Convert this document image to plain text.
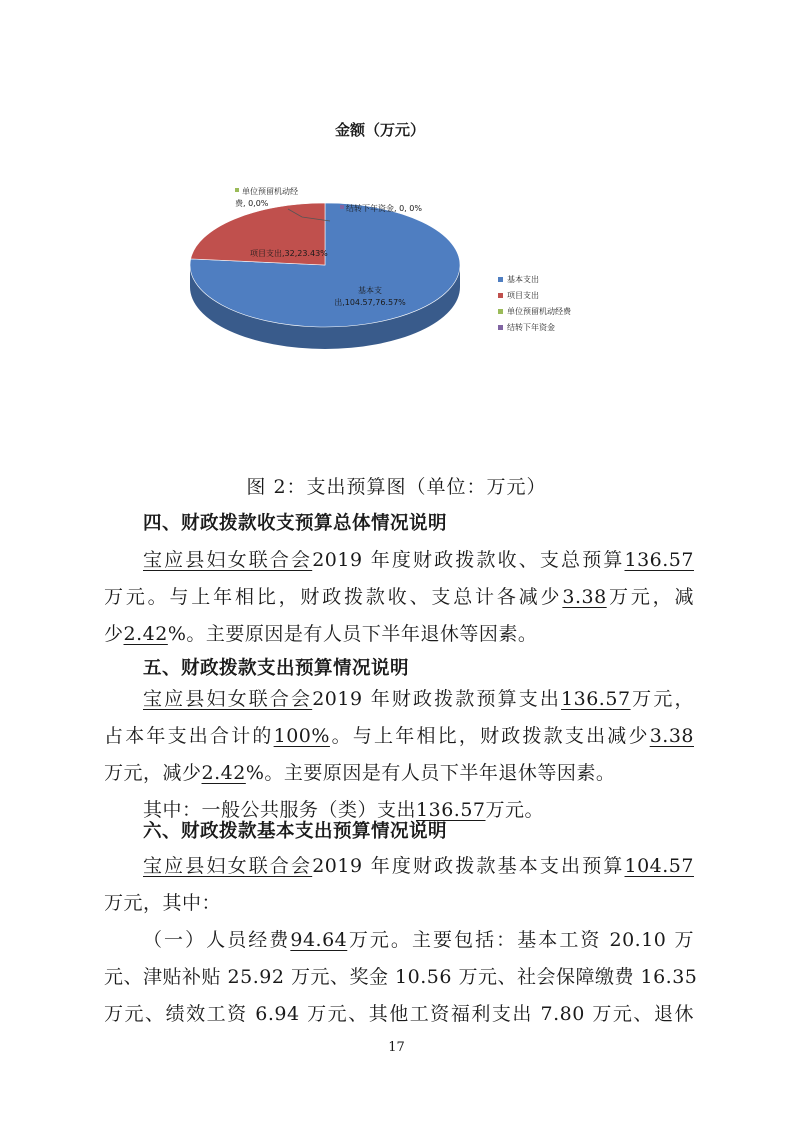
金额（万元）
基本支
出,104.57,76.57%
项目支出,32,23.43%
单位预留机动经
费, 0,0%
结转下年资金, 0, 0%
基本支出
项目支出
单位预留机动经费
结转下年资金
图 2：支出预算图（单位：万元）
四、财政拨款收支预算总体情况说明
宝应县妇女联合会2019 年度财政拨款收、支总预算136.57
万元。与上年相比，财政拨款收、支总计各减少3.38万元，减
少2.42%。主要原因是有人员下半年退休等因素。
五、财政拨款支出预算情况说明
宝应县妇女联合会2019 年财政拨款预算支出136.57万元，
占本年支出合计的100%。与上年相比，财政拨款支出减少3.38
万元，减少2.42%。主要原因是有人员下半年退休等因素。
其中：一般公共服务（类）支出136.57万元。
六、财政拨款基本支出预算情况说明
宝应县妇女联合会2019 年度财政拨款基本支出预算104.57
万元，其中：
（一）人员经费94.64万元。主要包括：基本工资 20.10 万
元、津贴补贴 25.92 万元、奖金 10.56 万元、社会保障缴费 16.35
万元、绩效工资 6.94 万元、其他工资福利支出 7.80 万元、退休
17
